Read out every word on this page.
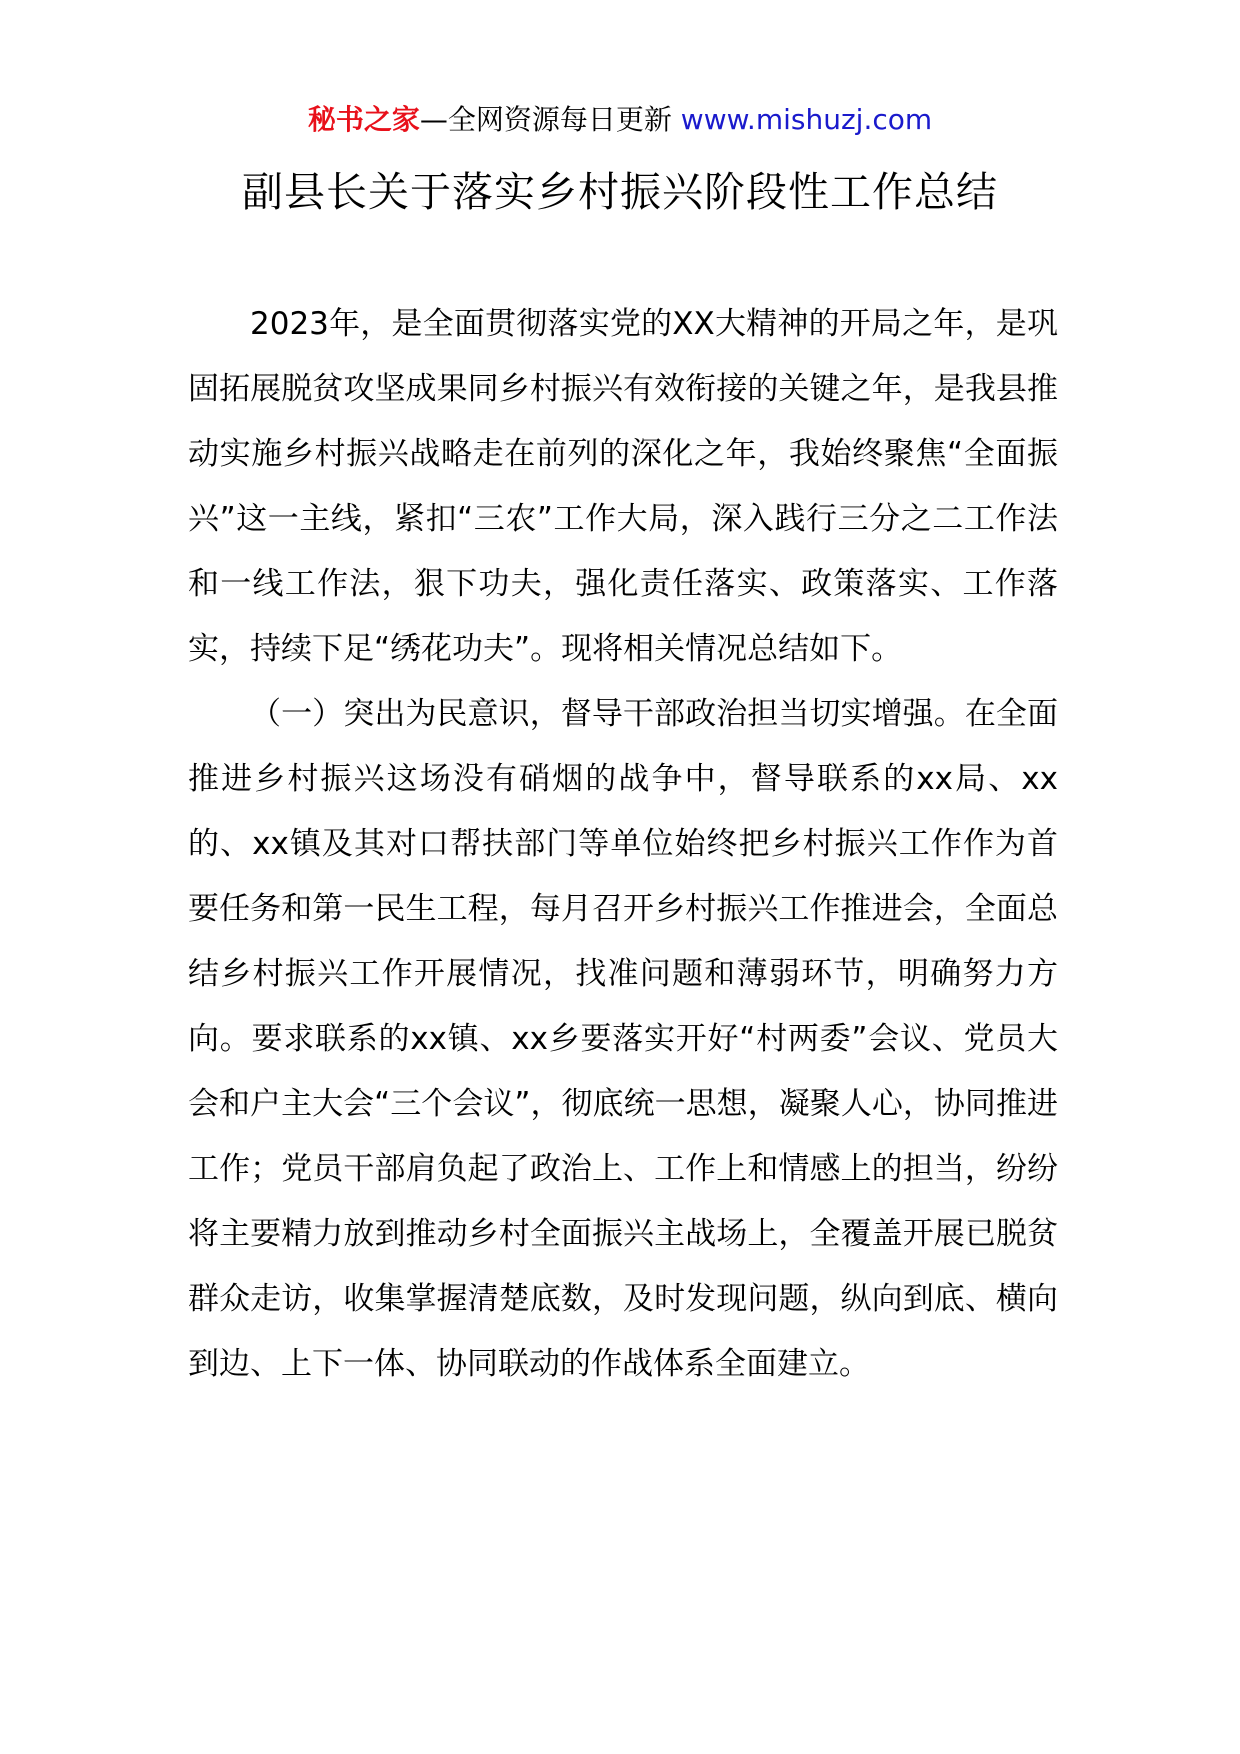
秘书之家—全网资源每日更新 www.mishuzj.com
副县长关于落实乡村振兴阶段性工作总结

2023年，是全面贯彻落实党的XX大精神的开局之年，是巩固拓展脱贫攻坚成果同乡村振兴有效衔接的关键之年，是我县推动实施乡村振兴战略走在前列的深化之年，我始终聚焦“全面振兴”这一主线，紧扣“三农”工作大局，深入践行三分之二工作法和一线工作法，狠下功夫，强化责任落实、政策落实、工作落实，持续下足“绣花功夫”。现将相关情况总结如下。

（一）突出为民意识，督导干部政治担当切实增强。在全面推进乡村振兴这场没有硝烟的战争中，督导联系的xx局、xx的、xx镇及其对口帮扶部门等单位始终把乡村振兴工作作为首要任务和第一民生工程，每月召开乡村振兴工作推进会，全面总结乡村振兴工作开展情况，找准问题和薄弱环节，明确努力方向。要求联系的xx镇、xx乡要落实开好“村两委”会议、党员大会和户主大会“三个会议”，彻底统一思想，凝聚人心，协同推进工作；党员干部肩负起了政治上、工作上和情感上的担当，纷纷将主要精力放到推动乡村全面振兴主战场上，全覆盖开展已脱贫群众走访，收集掌握清楚底数，及时发现问题，纵向到底、横向到边、上下一体、协同联动的作战体系全面建立。
